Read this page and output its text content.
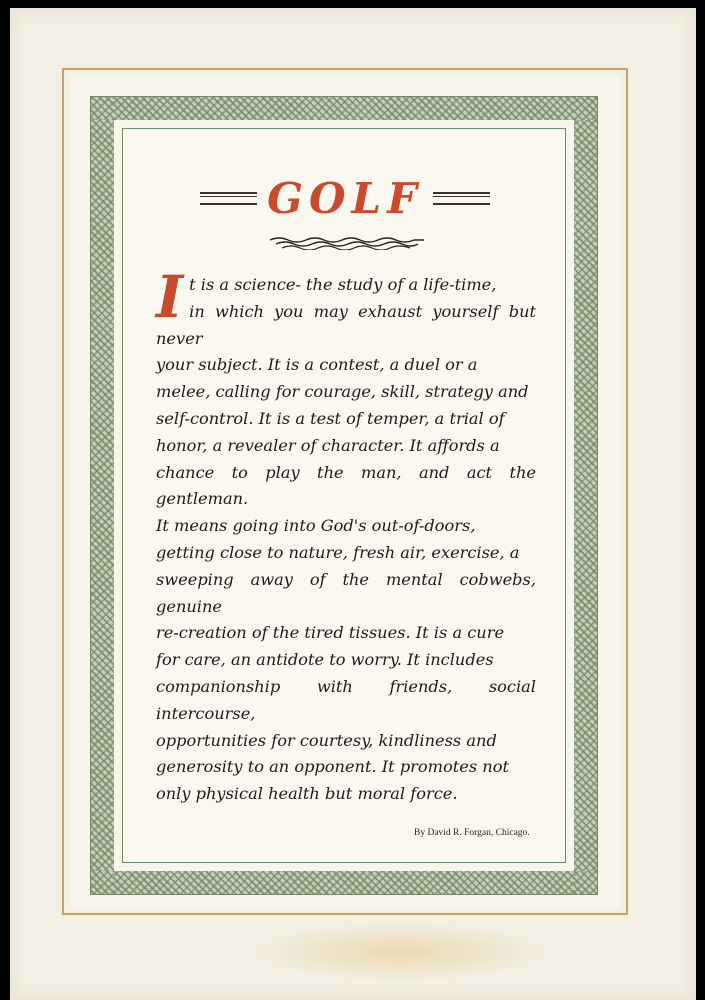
GOLF
I t is a science- the study of a life-time,
in which you may exhaust yourself but never
your subject. It is a contest, a duel or a
melee, calling for courage, skill, strategy and
self-control. It is a test of temper, a trial of
honor, a revealer of character. It affords a
chance to play the man, and act the gentleman.
It means going into God's out-of-doors,
getting close to nature, fresh air, exercise, a
sweeping away of the mental cobwebs, genuine
re-creation of the tired tissues. It is a cure
for care, an antidote to worry. It includes
companionship with friends, social intercourse,
opportunities for courtesy, kindliness and
generosity to an opponent. It promotes not
only physical health but moral force.
By David R. Forgan, Chicago.
